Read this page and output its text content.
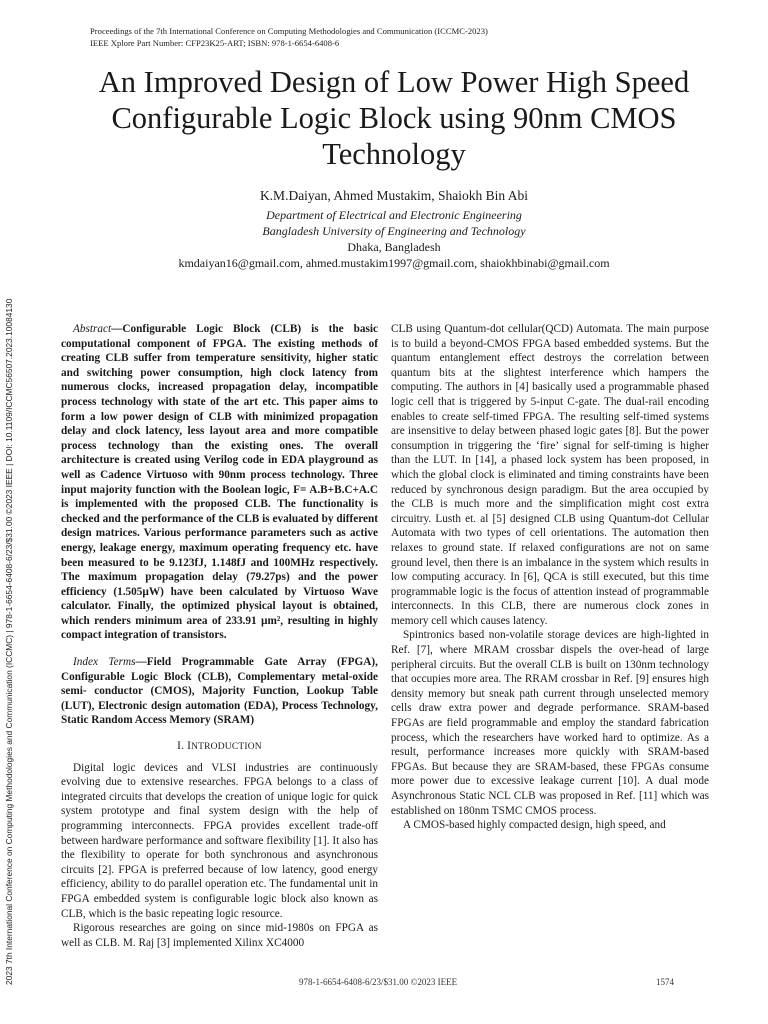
Proceedings of the 7th International Conference on Computing Methodologies and Communication (ICCMC-2023)
IEEE Xplore Part Number: CFP23K25-ART; ISBN: 978-1-6654-6408-6
2023 7th International Conference on Computing Methodologies and Communication (ICCMC) | 978-1-6654-6408-6/23/$31.00 ©2023 IEEE | DOI: 10.1109/ICCMC56507.2023.10084130
An Improved Design of Low Power High Speed
Configurable Logic Block using 90nm CMOS
Technology
K.M.Daiyan, Ahmed Mustakim, Shaiokh Bin Abi
Department of Electrical and Electronic Engineering
Bangladesh University of Engineering and Technology
Dhaka, Bangladesh
kmdaiyan16@gmail.com, ahmed.mustakim1997@gmail.com, shaiokhbinabi@gmail.com

Abstract—Configurable Logic Block (CLB) is the basic computational component of FPGA. The existing methods of creating CLB suffer from temperature sensitivity, higher static and switching power consumption, high clock latency from numerous clocks, increased propagation delay, incompatible process technology with state of the art etc. This paper aims to form a low power design of CLB with minimized propagation delay and clock latency, less layout area and more compatible process technology than the existing ones. The overall architecture is created using Verilog code in EDA playground as well as Cadence Virtuoso with 90nm process technology. Three input majority function with the Boolean logic, F= A.B+B.C+A.C is implemented with the proposed CLB. The functionality is checked and the performance of the CLB is evaluated by different design matrices. Various performance parameters such as active energy, leakage energy, maximum operating frequency etc. have been measured to be 9.123fJ, 1.148fJ and 100MHz respectively. The maximum propagation delay (79.27ps) and the power efficiency (1.505µW) have been calculated by Virtuoso Wave calculator. Finally, the optimized physical layout is obtained, which renders minimum area of 233.91 µm², resulting in highly compact integration of transistors.

Index Terms—Field Programmable Gate Array (FPGA), Configurable Logic Block (CLB), Complementary metal-oxide semi- conductor (CMOS), Majority Function, Lookup Table (LUT), Electronic design automation (EDA), Process Technology, Static Random Access Memory (SRAM)

I. INTRODUCTION

Digital logic devices and VLSI industries are continuously evolving due to extensive researches. FPGA belongs to a class of integrated circuits that develops the creation of unique logic for quick system prototype and final system design with the help of programming interconnects. FPGA provides excellent trade-off between hardware performance and software flexibility [1]. It also has the flexibility to operate for both synchronous and asynchronous circuits [2]. FPGA is preferred because of low latency, good energy efficiency, ability to do parallel operation etc. The fundamental unit in FPGA embedded system is configurable logic block also known as CLB, which is the basic repeating logic resource.

Rigorous researches are going on since mid-1980s on FPGA as well as CLB. M. Raj [3] implemented Xilinx XC4000

CLB using Quantum-dot cellular(QCD) Automata. The main purpose is to build a beyond-CMOS FPGA based embedded systems. But the quantum entanglement effect destroys the correlation between quantum bits at the slightest interference which hampers the computing. The authors in [4] basically used a programmable phased logic cell that is triggered by 5-input C-gate. The dual-rail encoding enables to create self-timed FPGA. The resulting self-timed systems are insensitive to delay between phased logic gates [8]. But the power consumption in triggering the ‘fire’ signal for self-timing is higher than the LUT. In [14], a phased lock system has been proposed, in which the global clock is eliminated and timing constraints have been reduced by synchronous design paradigm. But the area occupied by the CLB is much more and the simplification might cost extra circuitry. Lusth et. al [5] designed CLB using Quantum-dot Cellular Automata with two types of cell orientations. The automation then relaxes to ground state. If relaxed configurations are not on same ground level, then there is an imbalance in the system which results in low computing accuracy. In [6], QCA is still executed, but this time programmable logic is the focus of attention instead of programmable interconnects. In this CLB, there are numerous clock zones in memory cell which causes latency.

Spintronics based non-volatile storage devices are high-lighted in Ref. [7], where MRAM crossbar dispels the over-head of large peripheral circuits. But the overall CLB is built on 130nm technology that occupies more area. The RRAM crossbar in Ref. [9] ensures high density memory but sneak path current through unselected memory cells draw extra power and degrade performance. SRAM-based FPGAs are field programmable and employ the standard fabrication process, which the researchers have worked hard to optimize. As a result, performance increases more quickly with SRAM-based FPGAs. But because they are SRAM-based, these FPGAs consume more power due to excessive leakage current [10]. A dual mode Asynchronous Static NCL CLB was proposed in Ref. [11] which was established on 180nm TSMC CMOS process.

A CMOS-based highly compacted design, high speed, and

978-1-6654-6408-6/23/$31.00 ©2023 IEEE	1574
